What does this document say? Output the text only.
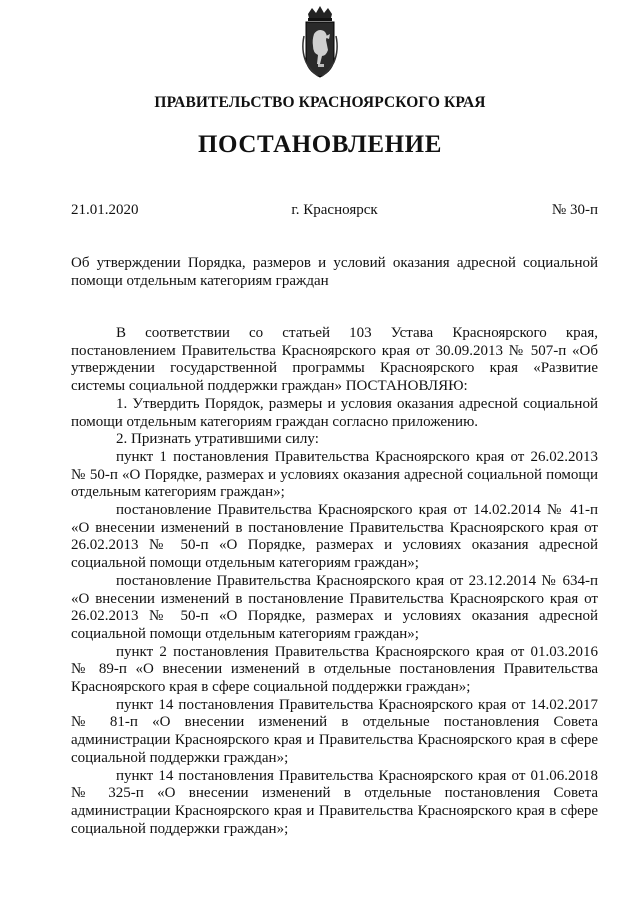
ПРАВИТЕЛЬСТВО КРАСНОЯРСКОГО КРАЯ
ПОСТАНОВЛЕНИЕ
21.01.2020	г. Красноярск	№ 30-п
Об утверждении Порядка, размеров и условий оказания адресной социальной помощи отдельным категориям граждан

В соответствии со статьей 103 Устава Красноярского края, постановлением Правительства Красноярского края от 30.09.2013 № 507-п «Об утверждении государственной программы Красноярского края «Развитие системы социальной поддержки граждан» ПОСТАНОВЛЯЮ:

1. Утвердить Порядок, размеры и условия оказания адресной социальной помощи отдельным категориям граждан согласно приложению.

2. Признать утратившими силу:

пункт 1 постановления Правительства Красноярского края от 26.02.2013 № 50-п «О Порядке, размерах и условиях оказания адресной социальной помощи отдельным категориям граждан»;

постановление Правительства Красноярского края от 14.02.2014 № 41-п «О внесении изменений в постановление Правительства Красноярского края от 26.02.2013 № 50-п «О Порядке, размерах и условиях оказания адресной социальной помощи отдельным категориям граждан»;

постановление Правительства Красноярского края от 23.12.2014 № 634-п «О внесении изменений в постановление Правительства Красноярского края от 26.02.2013 № 50-п «О Порядке, размерах и условиях оказания адресной социальной помощи отдельным категориям граждан»;

пункт 2 постановления Правительства Красноярского края от 01.03.2016 № 89-п «О внесении изменений в отдельные постановления Правительства Красноярского края в сфере социальной поддержки граждан»;

пункт 14 постановления Правительства Красноярского края от 14.02.2017 № 81-п «О внесении изменений в отдельные постановления Совета администрации Красноярского края и Правительства Красноярского края в сфере социальной поддержки граждан»;

пункт 14 постановления Правительства Красноярского края от 01.06.2018 № 325-п «О внесении изменений в отдельные постановления Совета администрации Красноярского края и Правительства Красноярского края в сфере социальной поддержки граждан»;
